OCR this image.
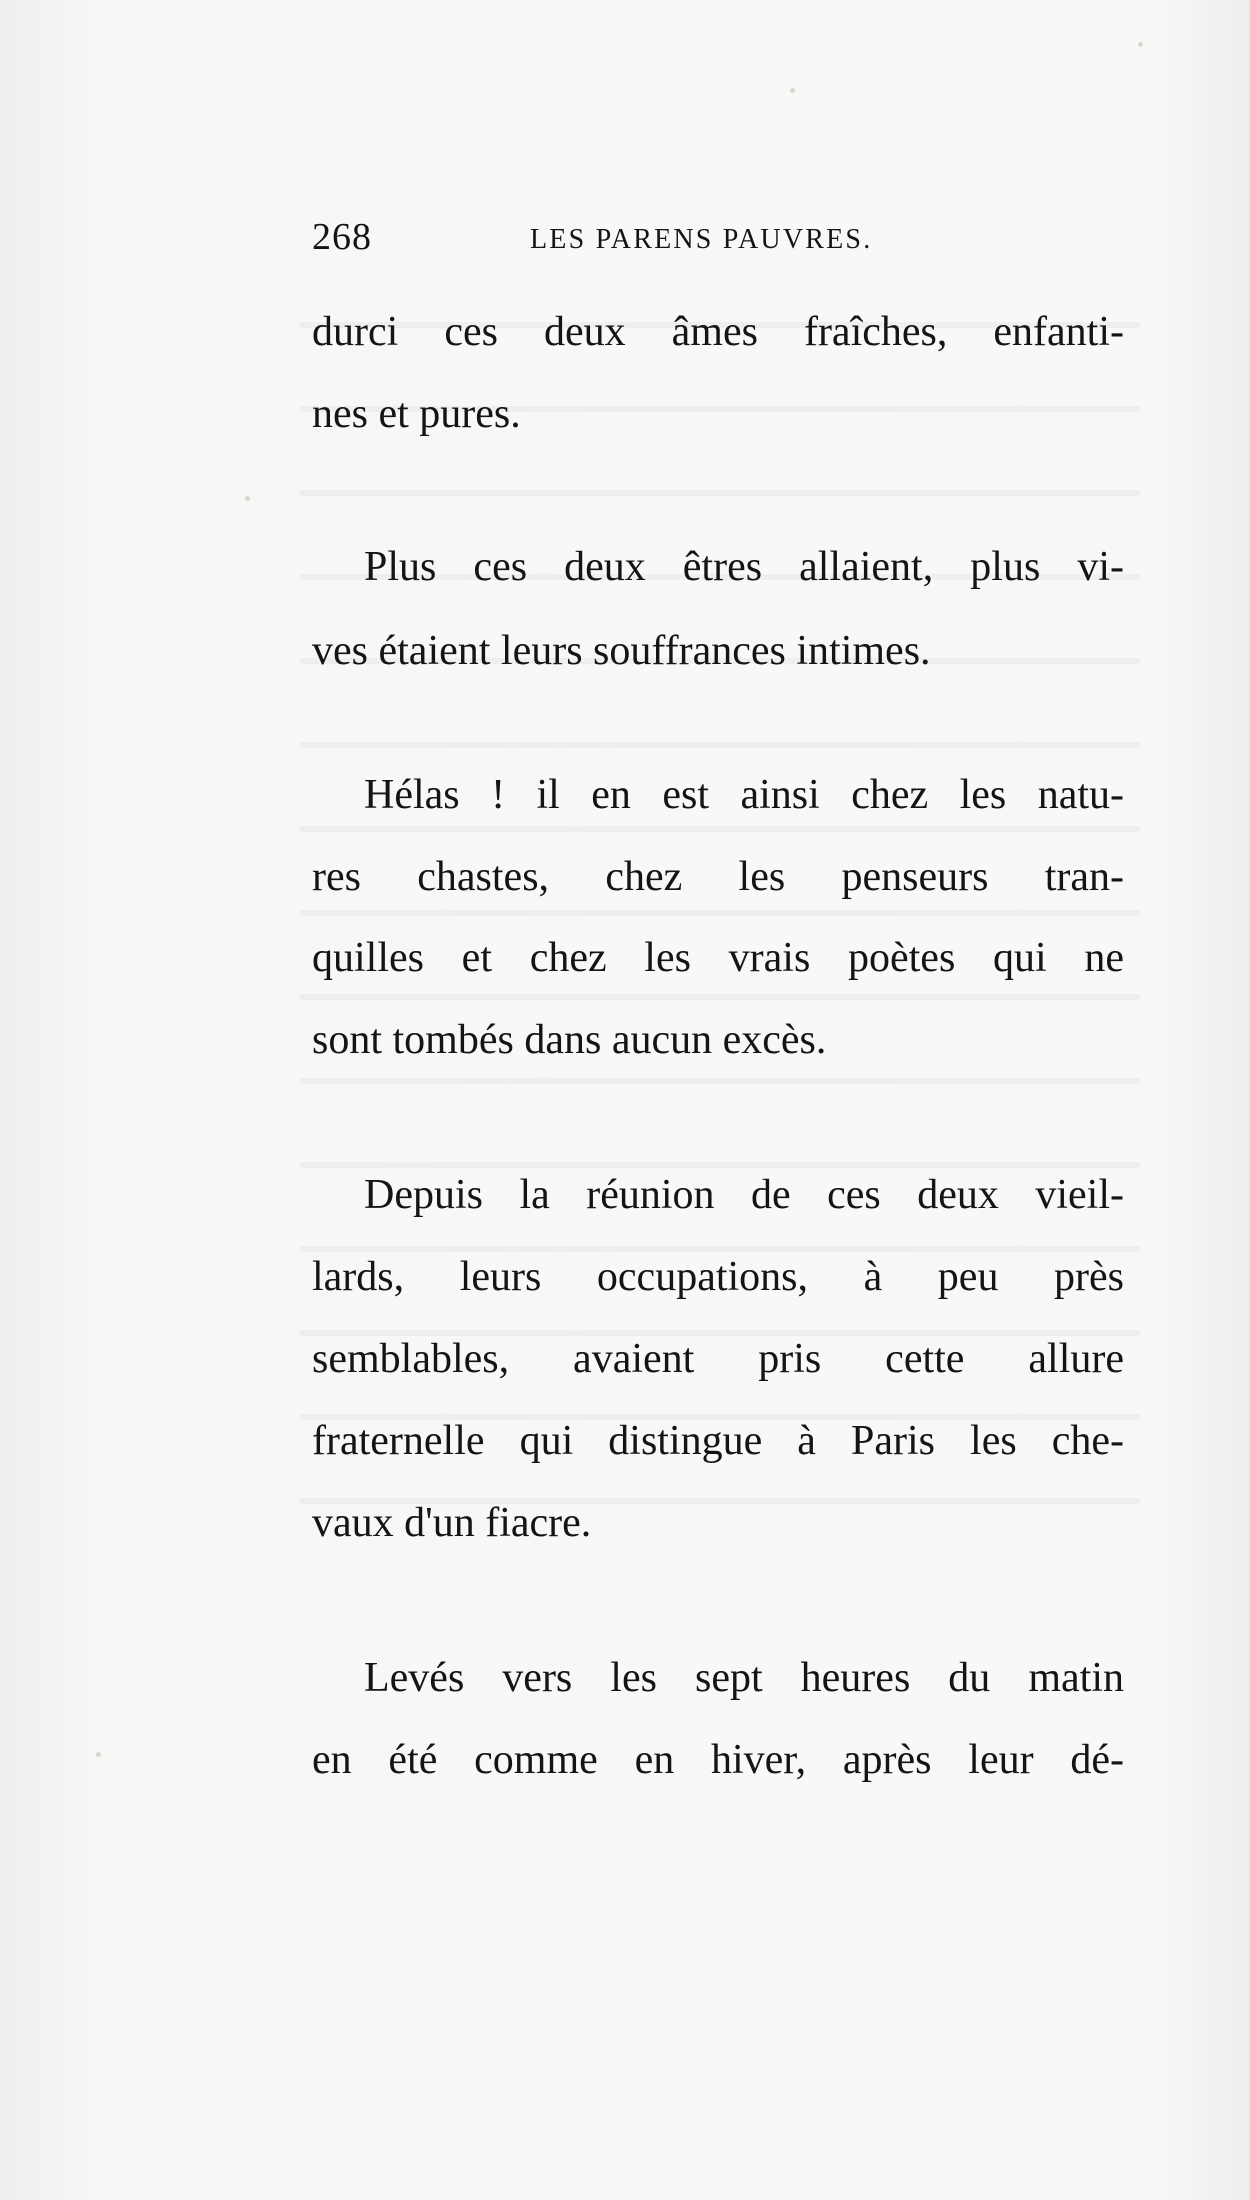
268	LES PARENS PAUVRES.
durci ces deux âmes fraîches, enfanti-
nes et pures.
Plus ces deux êtres allaient, plus vi-
ves étaient leurs souffrances intimes.
Hélas ! il en est ainsi chez les natu-
res chastes, chez les penseurs tran-
quilles et chez les vrais poètes qui ne
sont tombés dans aucun excès.
Depuis la réunion de ces deux vieil-
lards, leurs occupations, à peu près
semblables, avaient pris cette allure
fraternelle qui distingue à Paris les che-
vaux d'un fiacre.
Levés vers les sept heures du matin
en été comme en hiver, après leur dé-
